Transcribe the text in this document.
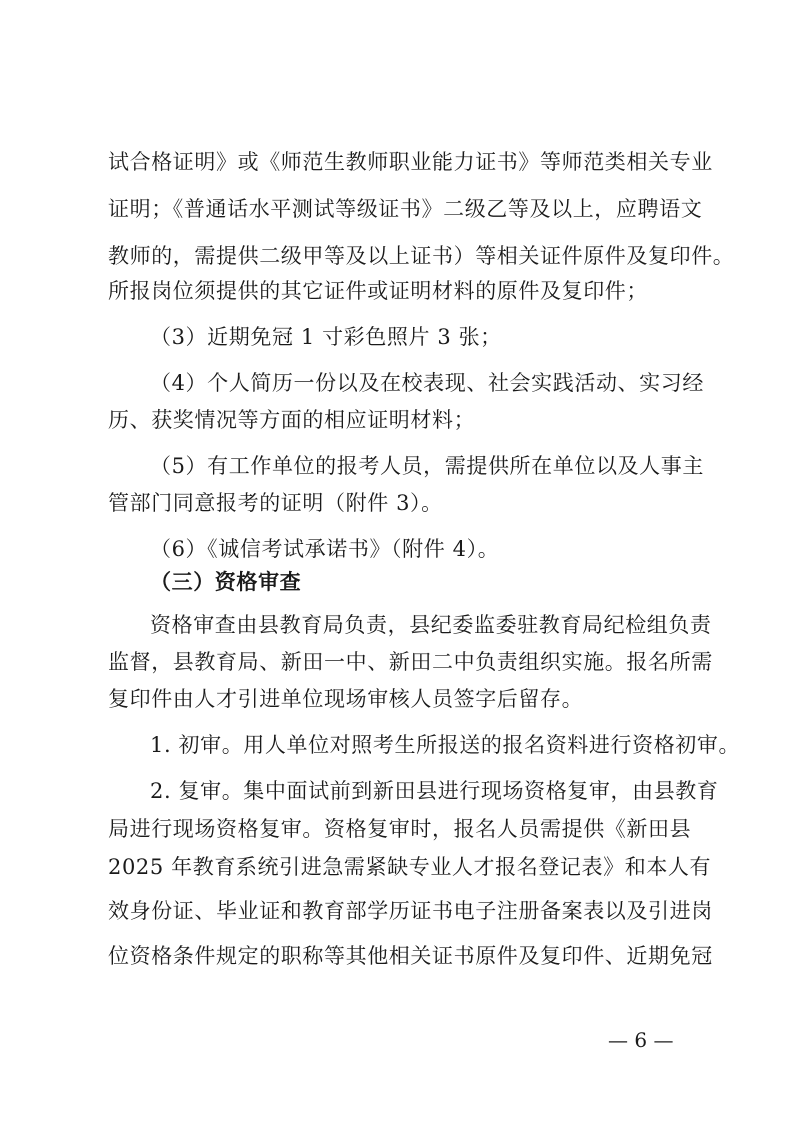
试合格证明》或《师范生教师职业能力证书》等师范类相关专业
证明；《普通话水平测试等级证书》二级乙等及以上，应聘语文
教师的，需提供二级甲等及以上证书）等相关证件原件及复印件。
所报岗位须提供的其它证件或证明材料的原件及复印件；
（3）近期免冠 1 寸彩色照片 3 张；
（4）个人简历一份以及在校表现、社会实践活动、实习经
历、获奖情况等方面的相应证明材料；
（5）有工作单位的报考人员，需提供所在单位以及人事主
管部门同意报考的证明（附件 3）。
（6）《诚信考试承诺书》（附件 4）。
（三）资格审查
资格审查由县教育局负责，县纪委监委驻教育局纪检组负责
监督，县教育局、新田一中、新田二中负责组织实施。报名所需
复印件由人才引进单位现场审核人员签字后留存。
1. 初审。用人单位对照考生所报送的报名资料进行资格初审。
2. 复审。集中面试前到新田县进行现场资格复审，由县教育
局进行现场资格复审。资格复审时，报名人员需提供《新田县
2025 年教育系统引进急需紧缺专业人才报名登记表》和本人有
效身份证、毕业证和教育部学历证书电子注册备案表以及引进岗
位资格条件规定的职称等其他相关证书原件及复印件、近期免冠
— 6 —
